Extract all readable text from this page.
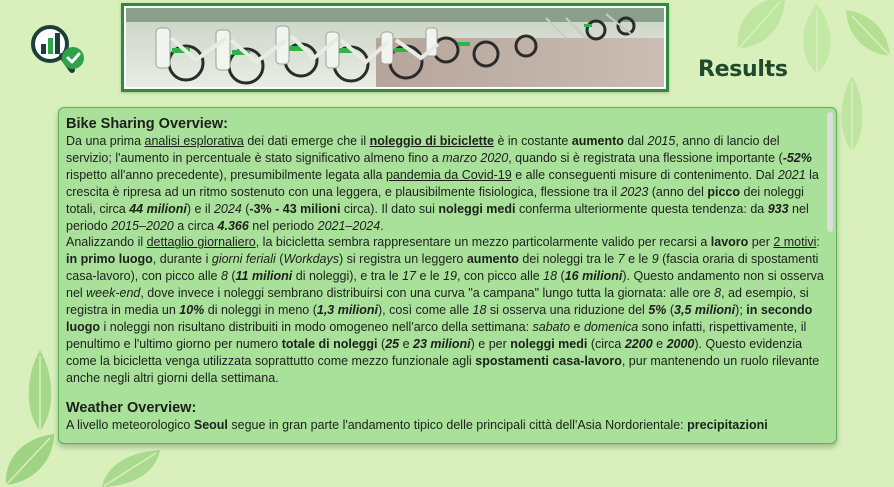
Results
Bike Sharing Overview:

Da una prima analisi esplorativa dei dati emerge che il noleggio di biciclette è in costante aumento dal 2015, anno di lancio del servizio; l'aumento in percentuale è stato significativo almeno fino a marzo 2020, quando si è registrata una flessione importante (-52% rispetto all'anno precedente), presumibilmente legata alla pandemia da Covid-19 e alle conseguenti misure di contenimento. Dal 2021 la crescita è ripresa ad un ritmo sostenuto con una leggera, e plausibilmente fisiologica, flessione tra il 2023 (anno del picco dei noleggi totali, circa 44 milioni) e il 2024 (-3% - 43 milioni circa). Il dato sui noleggi medi conferma ulteriormente questa tendenza: da 933 nel periodo 2015–2020 a circa 4.366 nel periodo 2021–2024.

Analizzando il dettaglio giornaliero, la bicicletta sembra rappresentare un mezzo particolarmente valido per recarsi a lavoro per 2 motivi: in primo luogo, durante i giorni feriali (Workdays) si registra un leggero aumento dei noleggi tra le 7 e le 9 (fascia oraria di spostamenti casa-lavoro), con picco alle 8 (11 milioni di noleggi), e tra le 17 e le 19, con picco alle 18 (16 milioni). Questo andamento non si osserva nel week-end, dove invece i noleggi sembrano distribuirsi con una curva "a campana" lungo tutta la giornata: alle ore 8, ad esempio, si registra in media un 10% di noleggi in meno (1,3 milioni), così come alle 18 si osserva una riduzione del 5% (3,5 milioni); in secondo luogo i noleggi non risultano distribuiti in modo omogeneo nell'arco della settimana: sabato e domenica sono infatti, rispettivamente, il penultimo e l'ultimo giorno per numero totale di noleggi (25 e 23 milioni) e per noleggi medi (circa 2200 e 2000). Questo evidenzia come la bicicletta venga utilizzata soprattutto come mezzo funzionale agli spostamenti casa-lavoro, pur mantenendo un ruolo rilevante anche negli altri giorni della settimana.

Weather Overview:

A livello meteorologico Seoul segue in gran parte l'andamento tipico delle principali città dell'Asia Nordorientale: precipitazioni
